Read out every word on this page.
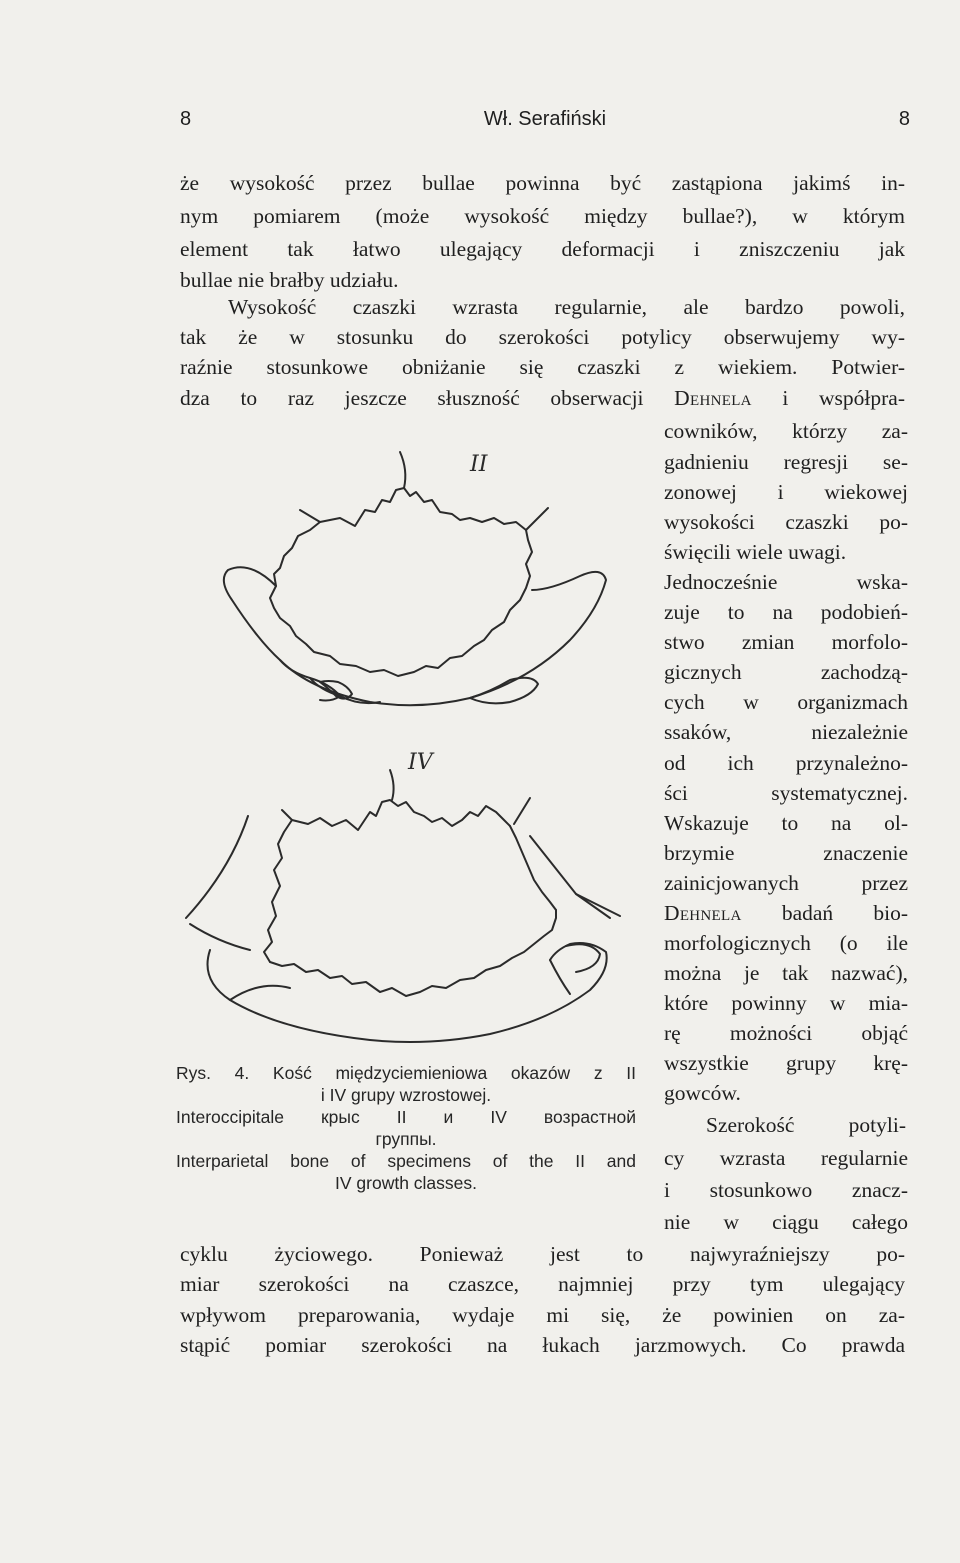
8	Wł. Serafiński	8
że wysokość przez bullae powinna być zastąpiona jakimś in-
nym pomiarem (może wysokość między bullae?), w którym
element tak łatwo ulegający deformacji i zniszczeniu jak
bullae nie brałby udziału.
Wysokość czaszki wzrasta regularnie, ale bardzo powoli,
tak że w stosunku do szerokości potylicy obserwujemy wy-
raźnie stosunkowe obniżanie się czaszki z wiekiem. Potwier-
dza to raz jeszcze słuszność obserwacji Dehnela i współpra-
cowników, którzy za-
gadnieniu regresji se-
zonowej i wiekowej
wysokości czaszki po-
święcili wiele uwagi.
Jednocześnie wska-
zuje to na podobień-
stwo zmian morfolo-
gicznych zachodzą-
cych w organizmach
ssaków, niezależnie
od ich przynależno-
ści systematycznej.
Wskazuje to na ol-
brzymie znaczenie
zainicjowanych przez
Dehnela badań bio-
morfologicznych (o ile
można je tak nazwać),
które powinny w mia-
rę możności objąć
wszystkie grupy krę-
gowców.
Szerokość potyli-
cy wzrasta regularnie
i stosunkowo znacz-
nie w ciągu całego
cyklu życiowego. Ponieważ jest to najwyraźniejszy po-
miar szerokości na czaszce, najmniej przy tym ulegający
wpływom preparowania, wydaje mi się, że powinien on za-
stąpić pomiar szerokości na łukach jarzmowych. Co prawda
II
IV
Rys. 4. Kość międzyciemieniowa okazów z II
i IV grupy wzrostowej.
Interoccipitale крыс II и IV возрастной
группы.
Interparietal bone of specimens of the II and
IV growth classes.
